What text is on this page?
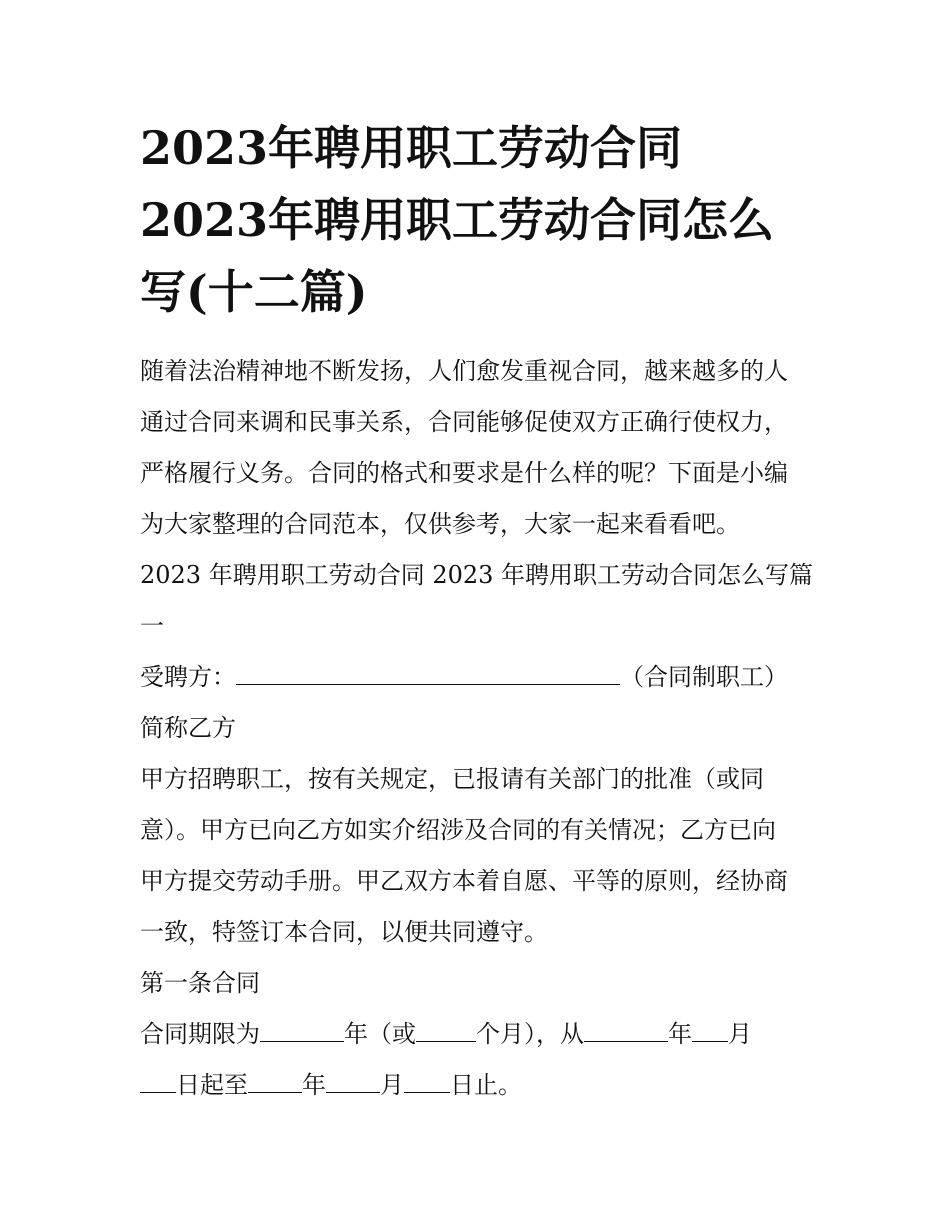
2023年聘用职工劳动合同
2023年聘用职工劳动合同怎么
写(十二篇)

随着法治精神地不断发扬，人们愈发重视合同，越来越多的人

通过合同来调和民事关系，合同能够促使双方正确行使权力，

严格履行义务。合同的格式和要求是什么样的呢？下面是小编

为大家整理的合同范本，仅供参考，大家一起来看看吧。

2023 年聘用职工劳动合同 2023 年聘用职工劳动合同怎么写篇

一

受聘方：	（合同制职工）

简称乙方

甲方招聘职工，按有关规定，已报请有关部门的批准（或同

意）。甲方已向乙方如实介绍涉及合同的有关情况；乙方已向

甲方提交劳动手册。甲乙双方本着自愿、平等的原则，经协商

一致，特签订本合同，以便共同遵守。

第一条合同

合同期限为	年（或	个月），从	年 月

日起至 年 月 日止。
